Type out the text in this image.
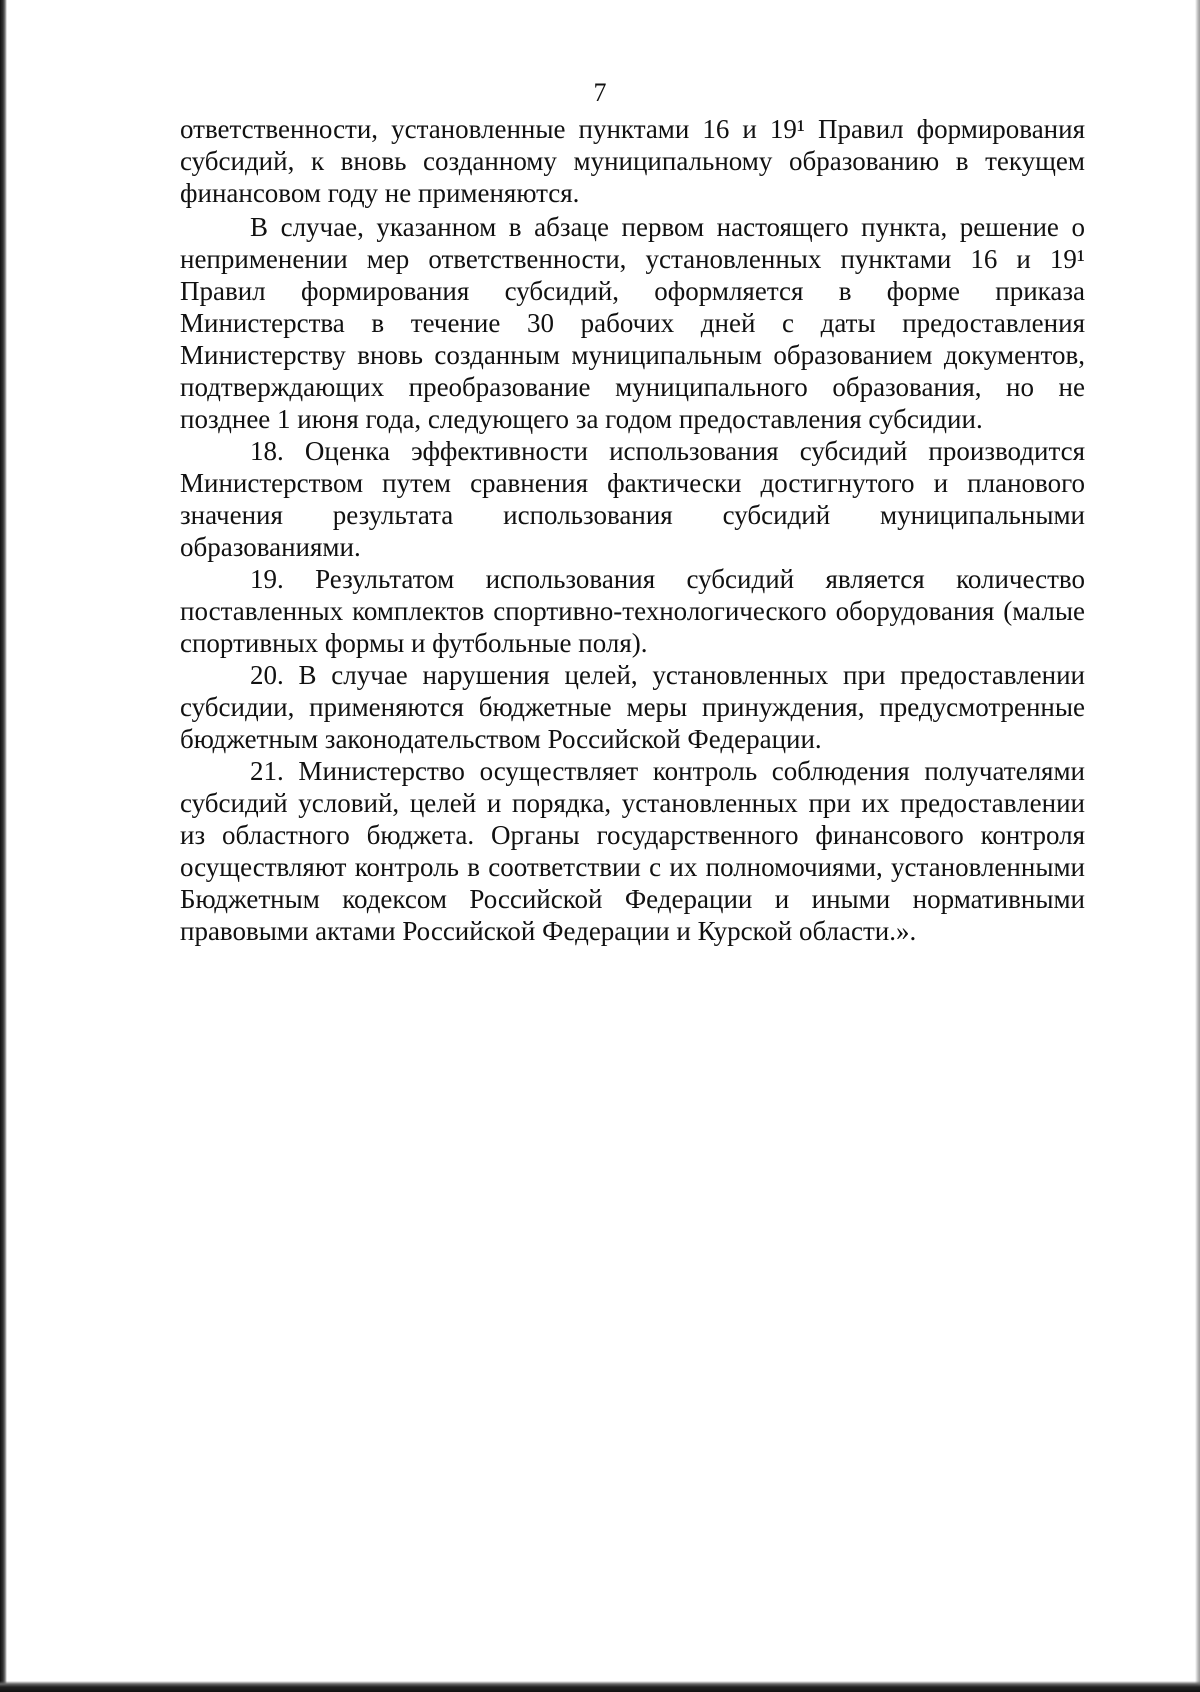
7

ответственности, установленные пунктами 16 и 19¹ Правил формирования субсидий, к вновь созданному муниципальному образованию в текущем финансовом году не применяются.

В случае, указанном в абзаце первом настоящего пункта, решение о неприменении мер ответственности, установленных пунктами 16 и 19¹ Правил формирования субсидий, оформляется в форме приказа Министерства в течение 30 рабочих дней с даты предоставления Министерству вновь созданным муниципальным образованием документов, подтверждающих преобразование муниципального образования, но не позднее 1 июня года, следующего за годом предоставления субсидии.

18. Оценка эффективности использования субсидий производится Министерством путем сравнения фактически достигнутого и планового значения результата использования субсидий муниципальными образованиями.

19. Результатом использования субсидий является количество поставленных комплектов спортивно-технологического оборудования (малые спортивных формы и футбольные поля).

20. В случае нарушения целей, установленных при предоставлении субсидии, применяются бюджетные меры принуждения, предусмотренные бюджетным законодательством Российской Федерации.

21. Министерство осуществляет контроль соблюдения получателями субсидий условий, целей и порядка, установленных при их предоставлении из областного бюджета. Органы государственного финансового контроля осуществляют контроль в соответствии с их полномочиями, установленными Бюджетным кодексом Российской Федерации и иными нормативными правовыми актами Российской Федерации и Курской области.».
